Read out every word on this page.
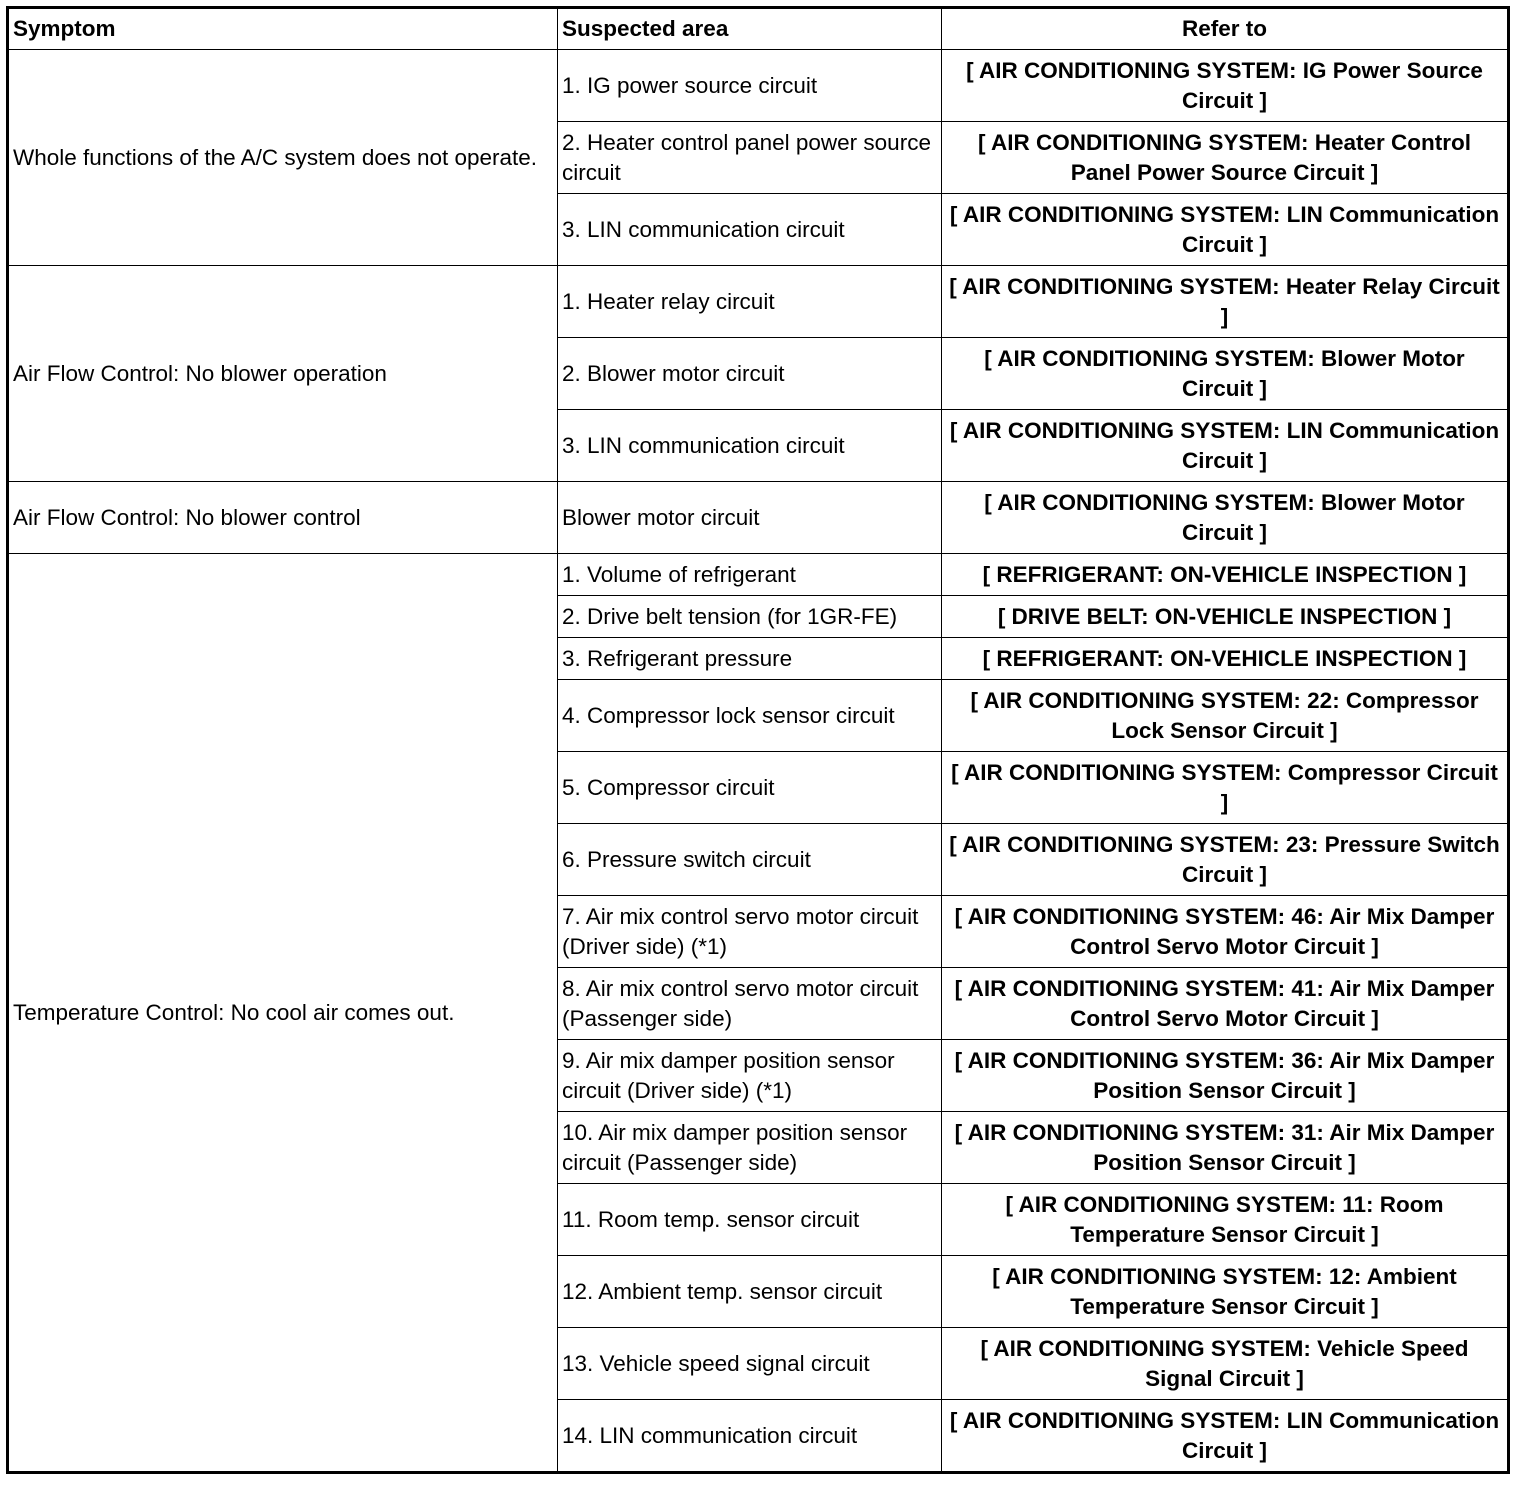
Symptom	Suspected area	Refer to
Whole functions of the A/C system does not operate.	1. IG power source circuit	[ AIR CONDITIONING SYSTEM: IG Power Source Circuit ]
	2. Heater control panel power source circuit	[ AIR CONDITIONING SYSTEM: Heater Control Panel Power Source Circuit ]
	3. LIN communication circuit	[ AIR CONDITIONING SYSTEM: LIN Communication Circuit ]
Air Flow Control: No blower operation	1. Heater relay circuit	[ AIR CONDITIONING SYSTEM: Heater Relay Circuit ]
	2. Blower motor circuit	[ AIR CONDITIONING SYSTEM: Blower Motor Circuit ]
	3. LIN communication circuit	[ AIR CONDITIONING SYSTEM: LIN Communication Circuit ]
Air Flow Control: No blower control	Blower motor circuit	[ AIR CONDITIONING SYSTEM: Blower Motor Circuit ]
Temperature Control: No cool air comes out.	1. Volume of refrigerant	[ REFRIGERANT: ON-VEHICLE INSPECTION ]
	2. Drive belt tension (for 1GR-FE)	[ DRIVE BELT: ON-VEHICLE INSPECTION ]
	3. Refrigerant pressure	[ REFRIGERANT: ON-VEHICLE INSPECTION ]
	4. Compressor lock sensor circuit	[ AIR CONDITIONING SYSTEM: 22: Compressor Lock Sensor Circuit ]
	5. Compressor circuit	[ AIR CONDITIONING SYSTEM: Compressor Circuit ]
	6. Pressure switch circuit	[ AIR CONDITIONING SYSTEM: 23: Pressure Switch Circuit ]
	7. Air mix control servo motor circuit (Driver side) (*1)	[ AIR CONDITIONING SYSTEM: 46: Air Mix Damper Control Servo Motor Circuit ]
	8. Air mix control servo motor circuit (Passenger side)	[ AIR CONDITIONING SYSTEM: 41: Air Mix Damper Control Servo Motor Circuit ]
	9. Air mix damper position sensor circuit (Driver side) (*1)	[ AIR CONDITIONING SYSTEM: 36: Air Mix Damper Position Sensor Circuit ]
	10. Air mix damper position sensor circuit (Passenger side)	[ AIR CONDITIONING SYSTEM: 31: Air Mix Damper Position Sensor Circuit ]
	11. Room temp. sensor circuit	[ AIR CONDITIONING SYSTEM: 11: Room Temperature Sensor Circuit ]
	12. Ambient temp. sensor circuit	[ AIR CONDITIONING SYSTEM: 12: Ambient Temperature Sensor Circuit ]
	13. Vehicle speed signal circuit	[ AIR CONDITIONING SYSTEM: Vehicle Speed Signal Circuit ]
	14. LIN communication circuit	[ AIR CONDITIONING SYSTEM: LIN Communication Circuit ]
